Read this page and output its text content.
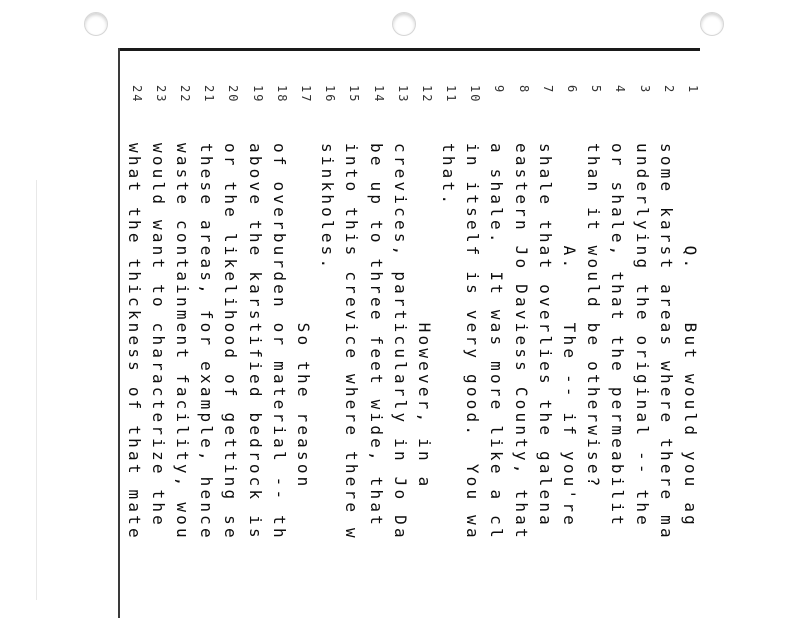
1
Q.    But would you ag
2
some karst areas where there ma
3
underlying the original -- the
4
or shale, that the permeabilit
5
than it would be otherwise?
6
A.    The -- if you're
7
shale that overlies the galena
8
eastern Jo Daviess County, that
9
a shale.  It was more like a cl
10
in itself is very good.  You wa
11
that.
12
However, in a
13
crevices, particularly in Jo Da
14
be up to three feet wide, that
15
into this crevice where there w
16
sinkholes.
17
So the reason
18
of overburden or material -- th
19
above the karstified bedrock is
20
or the likelihood of getting se
21
these areas, for example, hence
22
waste containment facility, wou
23
would want to characterize the
24
what the thickness of that mate
